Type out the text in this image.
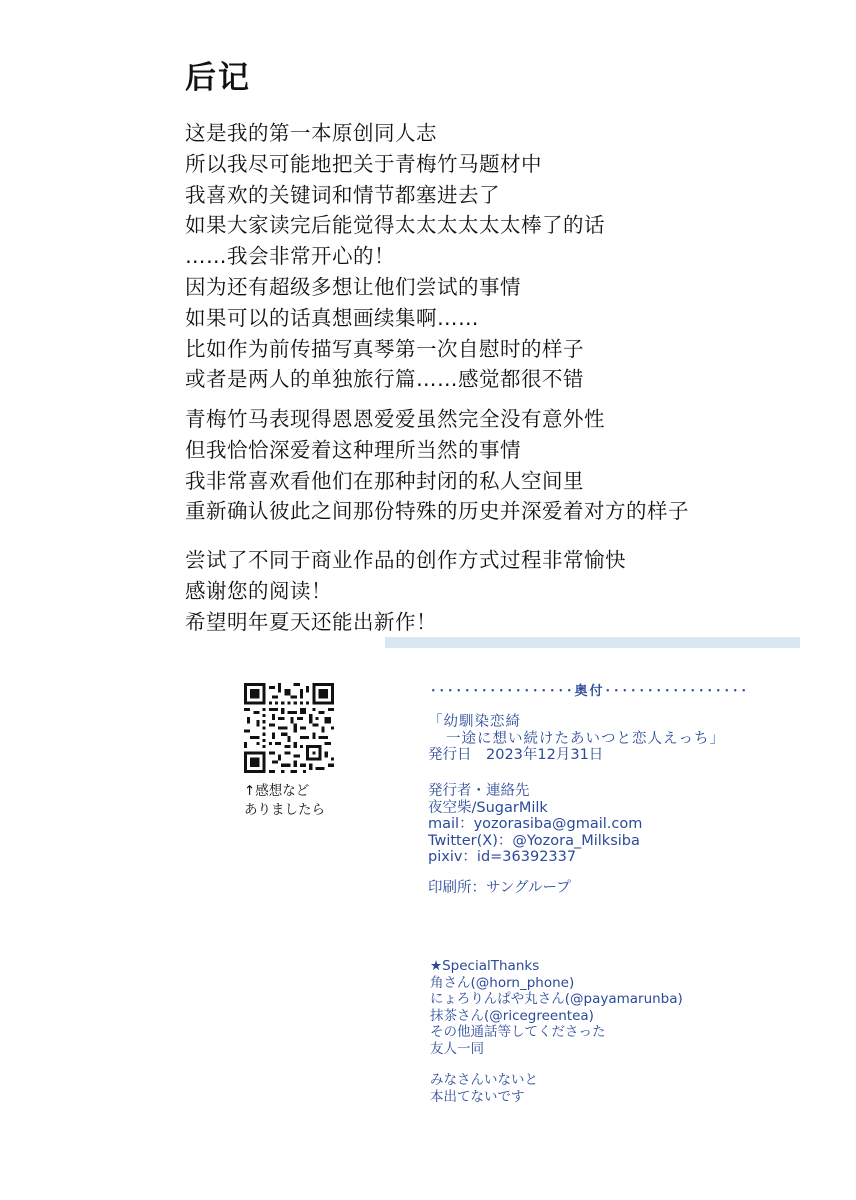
后记
这是我的第一本原创同人志
所以我尽可能地把关于青梅竹马题材中
我喜欢的关键词和情节都塞进去了
如果大家读完后能觉得太太太太太太棒了的话
……我会非常开心的！
因为还有超级多想让他们尝试的事情
如果可以的话真想画续集啊……
比如作为前传描写真琴第一次自慰时的样子
或者是两人的单独旅行篇……感觉都很不错
青梅竹马表现得恩恩爱爱虽然完全没有意外性
但我恰恰深爱着这种理所当然的事情
我非常喜欢看他们在那种封闭的私人空间里
重新确认彼此之间那份特殊的历史并深爱着对方的样子
尝试了不同于商业作品的创作方式过程非常愉快
感谢您的阅读！
希望明年夏天还能出新作！
↑感想など
ありましたら
･････････････････奥付･････････････････
「幼馴染恋綺
一途に想い続けたあいつと恋人えっち」
発行日　2023年12月31日
発行者・連絡先
夜空柴/SugarMilk
mail：yozorasiba@gmail.com
Twitter(X)：@Yozora_Milksiba
pixiv：id=36392337
印刷所：サングループ
★SpecialThanks
角さん(@horn_phone)
にょろりんぱや丸さん(@payamarunba)
抹茶さん(@ricegreentea)
その他通話等してくださった
友人一同
みなさんいないと
本出てないです
